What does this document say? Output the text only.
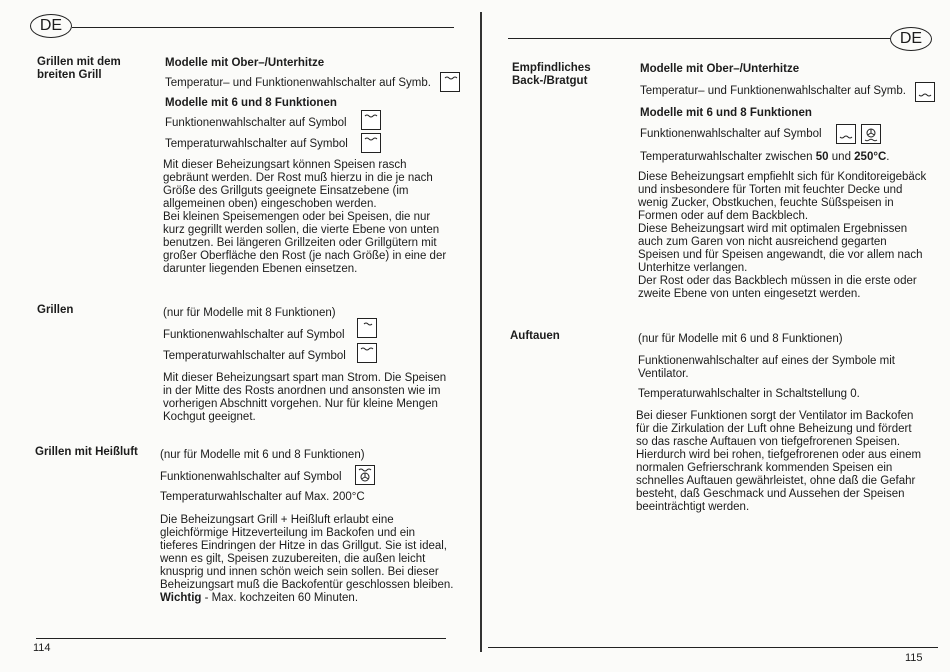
DE
Grillen mit dem breiten Grill
Modelle mit Ober–/Unterhitze
Temperatur– und Funktionenwahlschalter auf Symb.
Modelle mit 6 und 8 Funktionen
Funktionenwahlschalter auf Symbol
Temperaturwahlschalter auf Symbol

Mit dieser Beheizungsart können Speisen rasch gebräunt werden. Der Rost muß hierzu in die je nach Größe des Grillguts geeignete Einsatzebene (im allgemeinen oben) eingeschoben werden.

Bei kleinen Speisemengen oder bei Speisen, die nur kurz gegrillt werden sollen, die vierte Ebene von unten benutzen. Bei längeren Grillzeiten oder Grillgütern mit großer Oberfläche den Rost (je nach Größe) in eine der darunter liegenden Ebenen einsetzen.

Grillen	(nur für Modelle mit 8 Funktionen)
Funktionenwahlschalter auf Symbol
Temperaturwahlschalter auf Symbol

Mit dieser Beheizungsart spart man Strom. Die Speisen in der Mitte des Rosts anordnen und ansonsten wie im vorherigen Abschnitt vorgehen. Nur für kleine Mengen Kochgut geeignet.

Grillen mit Heißluft (nur für Modelle mit 6 und 8 Funktionen)
Funktionenwahlschalter auf Symbol
Temperaturwahlschalter auf Max. 200°C

Die Beheizungsart Grill + Heißluft erlaubt eine gleichförmige Hitzeverteilung im Backofen und ein tieferes Eindringen der Hitze in das Grillgut. Sie ist ideal, wenn es gilt, Speisen zuzubereiten, die außen leicht knusprig und innen schön weich sein sollen. Bei dieser Beheizungsart muß die Backofentür geschlossen bleiben.

Wichtig - Max. kochzeiten 60 Minuten.

114
DE
Empfindliches Back-/Bratgut
Modelle mit Ober–/Unterhitze
Temperatur– und Funktionenwahlschalter auf Symb.
Modelle mit 6 und 8 Funktionen
Funktionenwahlschalter auf Symbol
Temperaturwahlschalter zwischen 50 und 250°C.

Diese Beheizungsart empfiehlt sich für Konditoreigebäck und insbesondere für Torten mit feuchter Decke und wenig Zucker, Obstkuchen, feuchte Süßspeisen in Formen oder auf dem Backblech.

Diese Beheizungsart wird mit optimalen Ergebnissen auch zum Garen von nicht ausreichend gegarten Speisen und für Speisen angewandt, die vor allem nach Unterhitze verlangen.

Der Rost oder das Backblech müssen in die erste oder zweite Ebene von unten eingesetzt werden.

Auftauen	(nur für Modelle mit 6 und 8 Funktionen)

Funktionenwahlschalter auf eines der Symbole mit Ventilator.

Temperaturwahlschalter in Schaltstellung 0.

Bei dieser Funktionen sorgt der Ventilator im Backofen für die Zirkulation der Luft ohne Beheizung und fördert so das rasche Auftauen von tiefgefrorenen Speisen. Hierdurch wird bei rohen, tiefgefrorenen oder aus einem normalen Gefrierschrank kommenden Speisen ein schnelles Auftauen gewährleistet, ohne daß die Gefahr besteht, daß Geschmack und Aussehen der Speisen beeinträchtigt werden.

115
